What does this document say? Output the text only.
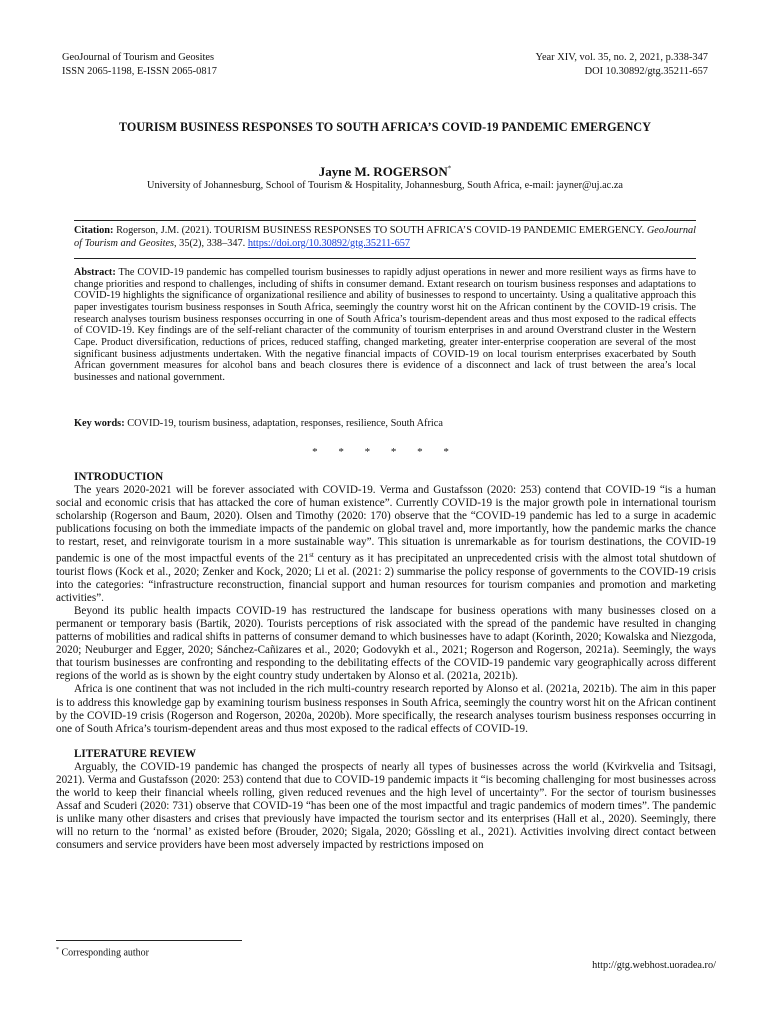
GeoJournal of Tourism and Geosites
ISSN 2065-1198, E-ISSN 2065-0817
Year XIV, vol. 35, no. 2, 2021, p.338-347
DOI 10.30892/gtg.35211-657
TOURISM BUSINESS RESPONSES TO SOUTH AFRICA’S COVID-19 PANDEMIC EMERGENCY
Jayne M. ROGERSON*
University of Johannesburg, School of Tourism & Hospitality, Johannesburg, South Africa, e-mail: jayner@uj.ac.za
Citation: Rogerson, J.M. (2021). TOURISM BUSINESS RESPONSES TO SOUTH AFRICA’S COVID-19 PANDEMIC EMERGENCY. GeoJournal of Tourism and Geosites, 35(2), 338–347. https://doi.org/10.30892/gtg.35211-657
Abstract: The COVID-19 pandemic has compelled tourism businesses to rapidly adjust operations in newer and more resilient ways as firms have to change priorities and respond to challenges, including of shifts in consumer demand. Extant research on tourism business responses and adaptations to COVID-19 highlights the significance of organizational resilience and ability of businesses to respond to uncertainty. Using a qualitative approach this paper investigates tourism business responses in South Africa, seemingly the country worst hit on the African continent by the COVID-19 crisis. The research analyses tourism business responses occurring in one of South Africa’s tourism-dependent areas and thus most exposed to the radical effects of COVID-19. Key findings are of the self-reliant character of the community of tourism enterprises in and around Overstrand cluster in the Western Cape. Product diversification, reductions of prices, reduced staffing, changed marketing, greater inter-enterprise cooperation are several of the most significant business adjustments undertaken. With the negative financial impacts of COVID-19 on local tourism enterprises exacerbated by South African government measures for alcohol bans and beach closures there is evidence of a disconnect and lack of trust between the area’s local businesses and national government.
Key words: COVID-19, tourism business, adaptation, responses, resilience, South Africa
* * * * * *
INTRODUCTION

The years 2020-2021 will be forever associated with COVID-19. Verma and Gustafsson (2020: 253) contend that COVID-19 “is a human social and economic crisis that has attacked the core of human existence”. Currently COVID-19 is the major growth pole in international tourism scholarship (Rogerson and Baum, 2020). Olsen and Timothy (2020: 170) observe that the “COVID-19 pandemic has led to a surge in academic publications focusing on both the immediate impacts of the pandemic on global travel and, more importantly, how the pandemic marks the chance to restart, reset, and reinvigorate tourism in a more sustainable way”. This situation is unremarkable as for tourism destinations, the COVID-19 pandemic is one of the most impactful events of the 21st century as it has precipitated an unprecedented crisis with the almost total shutdown of tourist flows (Kock et al., 2020; Zenker and Kock, 2020; Li et al. (2021: 2) summarise the policy response of governments to the COVID-19 crisis into the categories: “infrastructure reconstruction, financial support and human resources for tourism companies and promotion and marketing activities”.

Beyond its public health impacts COVID-19 has restructured the landscape for business operations with many businesses closed on a permanent or temporary basis (Bartik, 2020). Tourists perceptions of risk associated with the spread of the pandemic have resulted in changing patterns of mobilities and radical shifts in patterns of consumer demand to which businesses have to adapt (Korinth, 2020; Kowalska and Niezgoda, 2020; Neuburger and Egger, 2020; Sánchez-Cañizares et al., 2020; Godovykh et al., 2021; Rogerson and Rogerson, 2021a). Seemingly, the ways that tourism businesses are confronting and responding to the debilitating effects of the COVID-19 pandemic vary geographically across different regions of the world as is shown by the eight country study undertaken by Alonso et al. (2021a, 2021b).

Africa is one continent that was not included in the rich multi-country research reported by Alonso et al. (2021a, 2021b). The aim in this paper is to address this knowledge gap by examining tourism business responses in South Africa, seemingly the country worst hit on the African continent by the COVID-19 crisis (Rogerson and Rogerson, 2020a, 2020b). More specifically, the research analyses tourism business responses occurring in one of South Africa’s tourism-dependent areas and thus most exposed to the radical effects of COVID-19.

LITERATURE REVIEW

Arguably, the COVID-19 pandemic has changed the prospects of nearly all types of businesses across the world (Kvirkvelia and Tsitsagi, 2021). Verma and Gustafsson (2020: 253) contend that due to COVID-19 pandemic impacts it “is becoming challenging for most businesses across the world to keep their financial wheels rolling, given reduced revenues and the high level of uncertainty”. For the sector of tourism businesses Assaf and Scuderi (2020: 731) observe that COVID-19 “has been one of the most impactful and tragic pandemics of modern times”. The pandemic is unlike many other disasters and crises that previously have impacted the tourism sector and its enterprises (Hall et al., 2020). Seemingly, there will no return to the ‘normal’ as existed before (Brouder, 2020; Sigala, 2020; Gössling et al., 2021). Activities involving direct contact between consumers and service providers have been most adversely impacted by restrictions imposed on

* Corresponding author
http://gtg.webhost.uoradea.ro/
